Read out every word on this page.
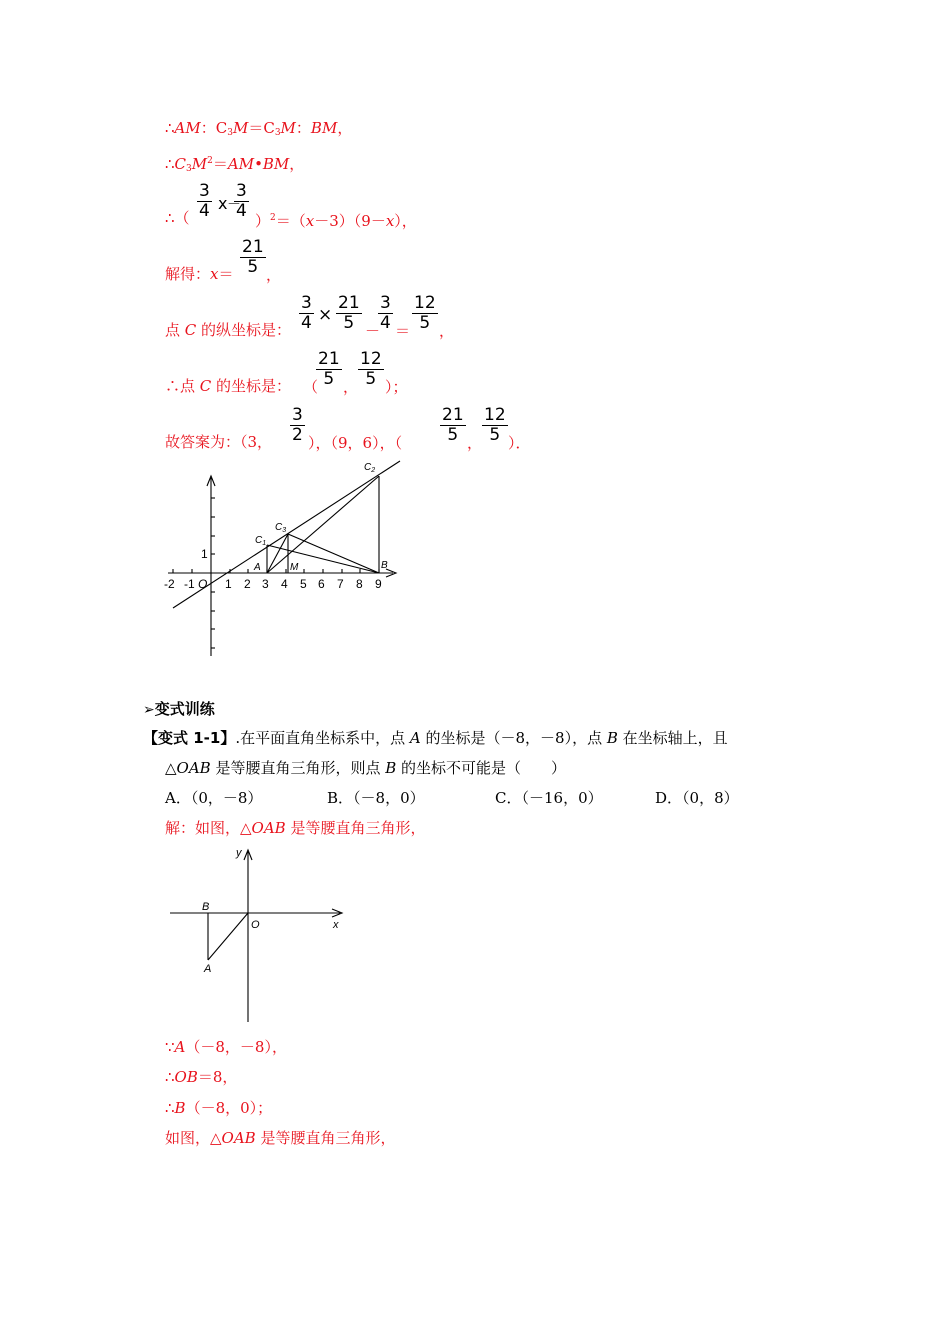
∴AM：$C_3M=C_3M$：BM，
$\therefore C_3M^2=AM•BM$，
$\frac{3}{4}$ x －
$\frac{3}{4}$
∴（	）$^2$＝（x－3）（9－x），
解得：$x= \frac{21}{5}$ ，
点 C 的纵坐标是： $\frac{3}{4} \times \frac{21}{5}$ －
$\frac{3}{4} = \frac{12}{5}$ ，
∴点 C 的坐标是： （
$\frac{21}{5}$ ， $\frac{12}{5}$ ）；
故答案为：（3， $\frac{3}{2}$ ），（9，6），（ $\frac{21}{5}$ ， $\frac{12}{5}$ ）．
-2 -1 O 1 2 3 4 5 6 7 8 9
1
A	M	B
$C_1$
$C_3$
$C_2$
➢变式训练
【变式 1-1】.在平面直角坐标系中，点 A 的坐标是（－8，－8），点 B 在坐标轴上，且
△OAB 是等腰直角三角形，则点 B 的坐标不可能是（　　）
A．（0，－8）	B．（－8，0）	C．（－16，0）	D．（0，8）
解：如图，△OAB 是等腰直角三角形，
y
x
O
B
A
∵A（－8，－8），
∴OB＝8，
∴B（－8，0）；
如图，△OAB 是等腰直角三角形，
